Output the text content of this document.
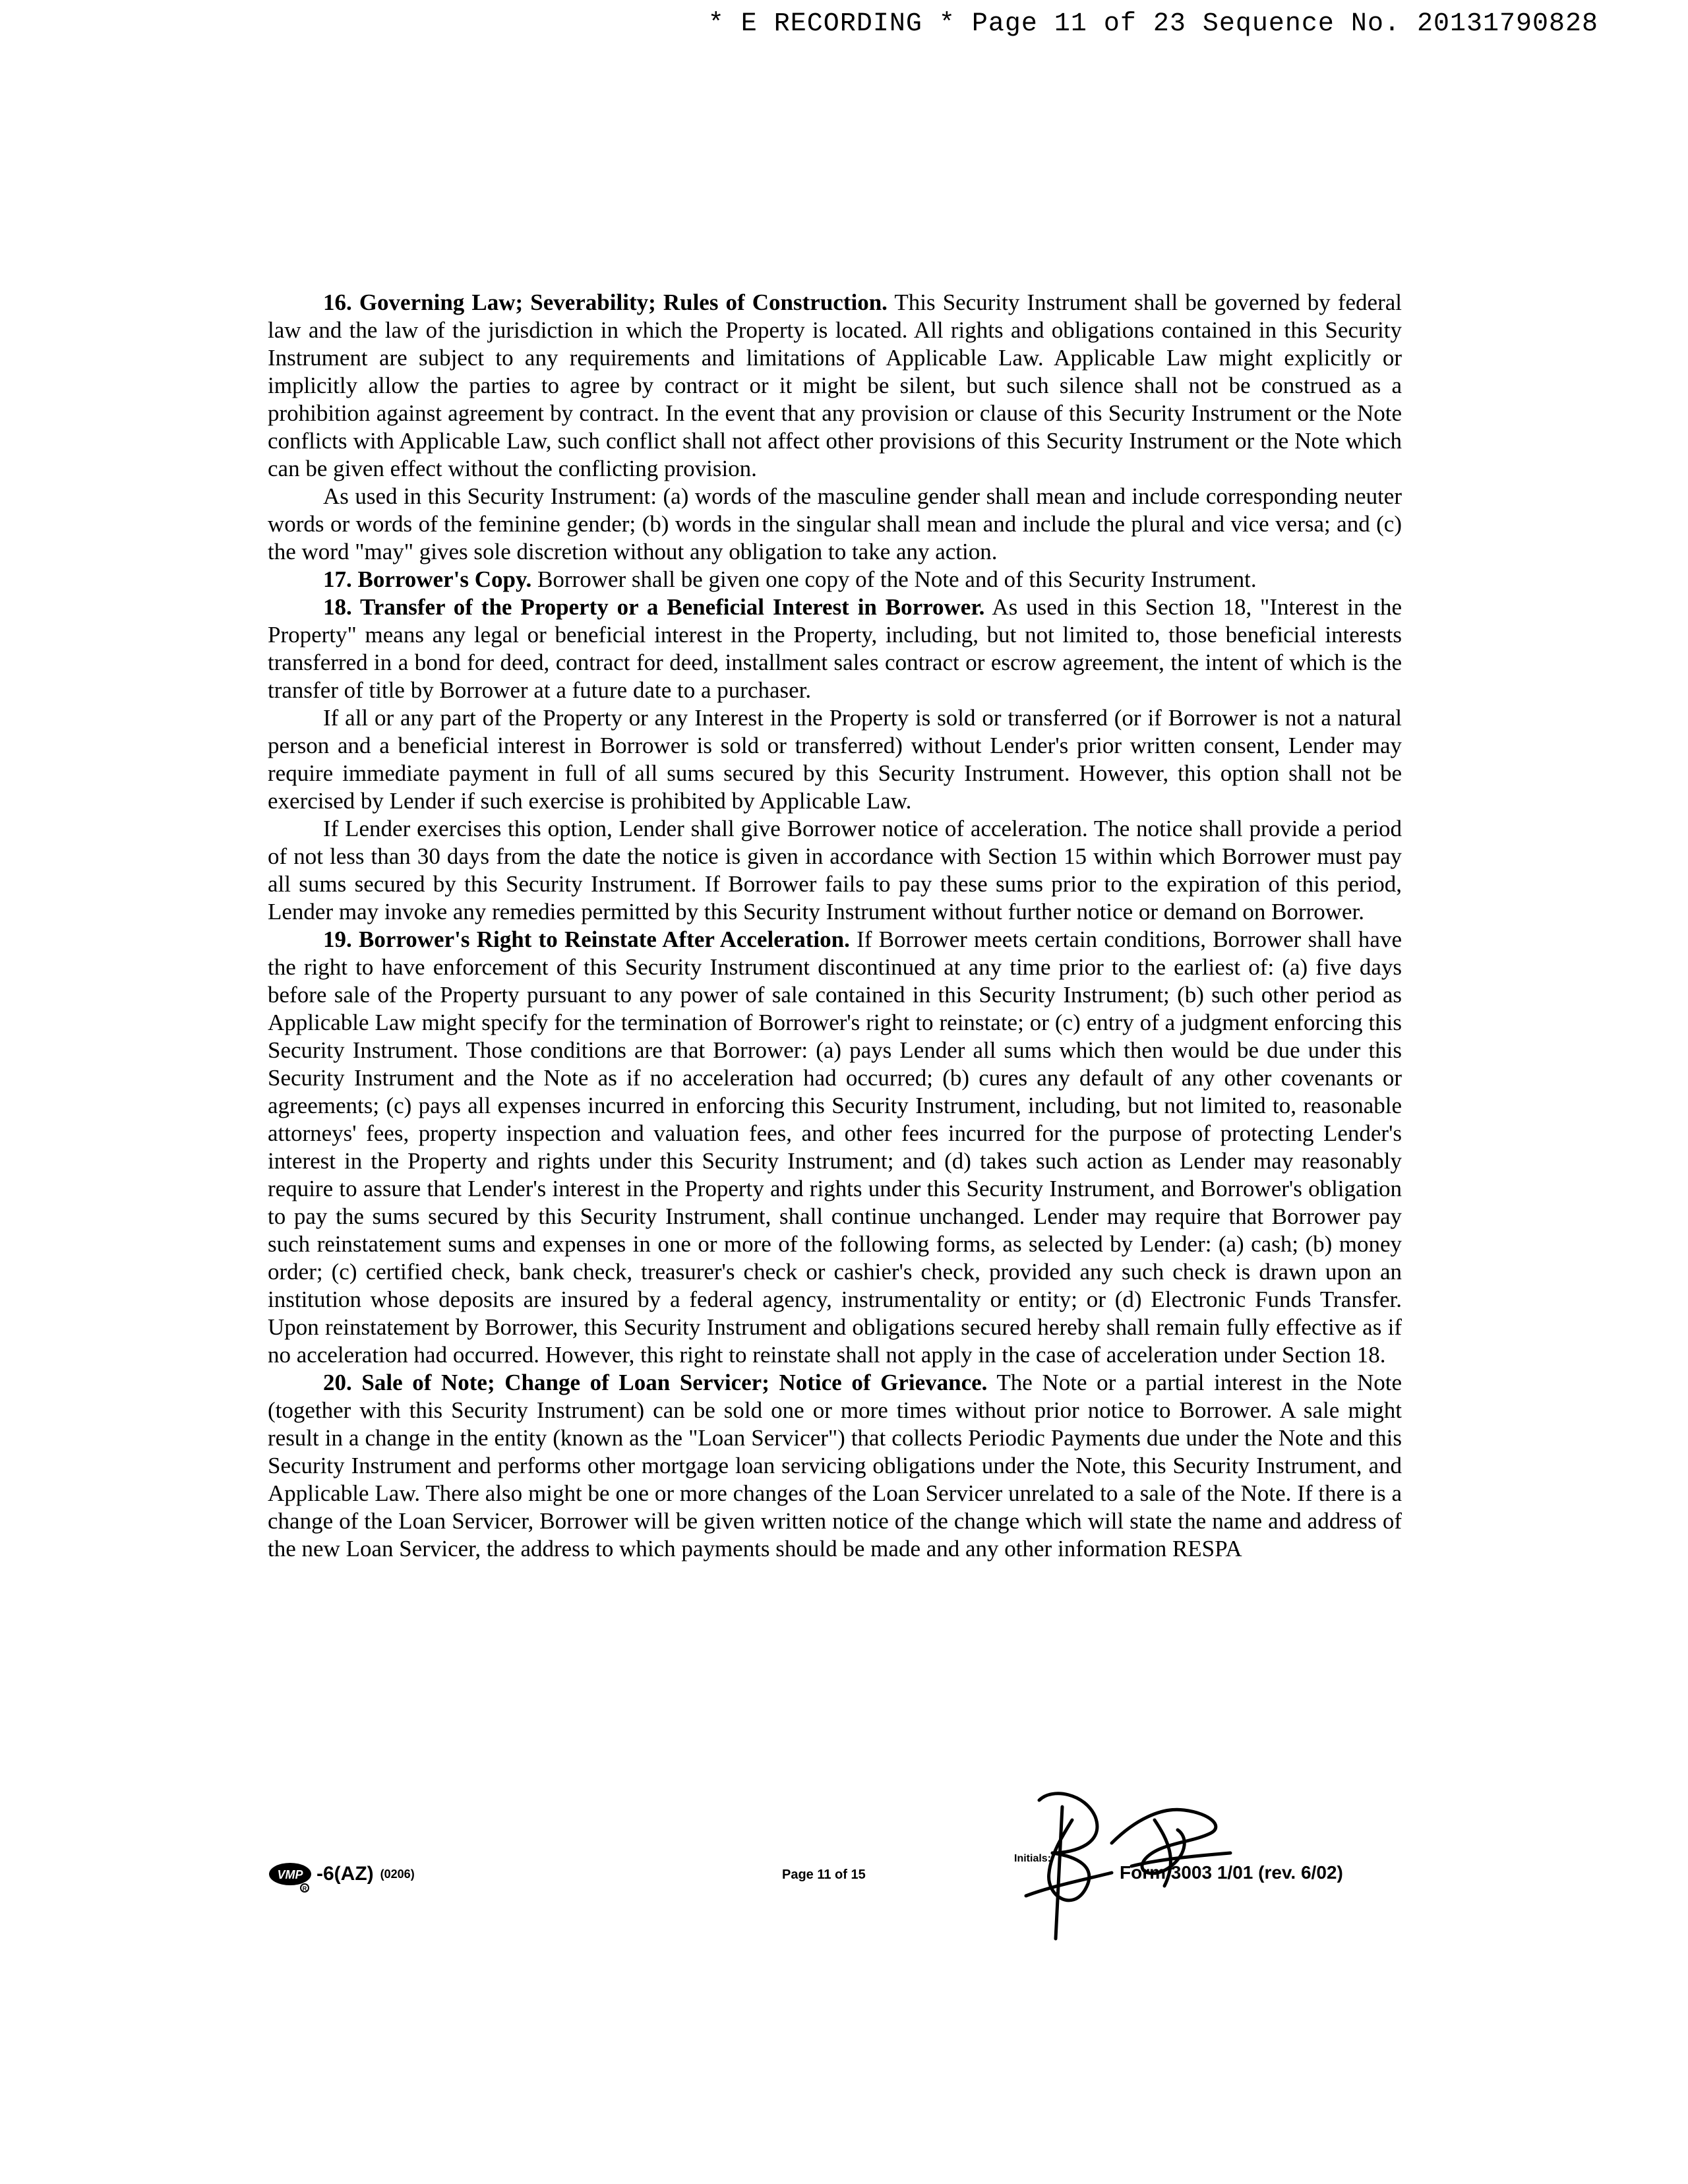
* E RECORDING * Page 11 of 23 Sequence No. 20131790828

16. Governing Law; Severability; Rules of Construction. This Security Instrument shall be governed by federal law and the law of the jurisdiction in which the Property is located. All rights and obligations contained in this Security Instrument are subject to any requirements and limitations of Applicable Law. Applicable Law might explicitly or implicitly allow the parties to agree by contract or it might be silent, but such silence shall not be construed as a prohibition against agreement by contract. In the event that any provision or clause of this Security Instrument or the Note conflicts with Applicable Law, such conflict shall not affect other provisions of this Security Instrument or the Note which can be given effect without the conflicting provision.

As used in this Security Instrument: (a) words of the masculine gender shall mean and include corresponding neuter words or words of the feminine gender; (b) words in the singular shall mean and include the plural and vice versa; and (c) the word "may" gives sole discretion without any obligation to take any action.

17. Borrower's Copy. Borrower shall be given one copy of the Note and of this Security Instrument.

18. Transfer of the Property or a Beneficial Interest in Borrower. As used in this Section 18, "Interest in the Property" means any legal or beneficial interest in the Property, including, but not limited to, those beneficial interests transferred in a bond for deed, contract for deed, installment sales contract or escrow agreement, the intent of which is the transfer of title by Borrower at a future date to a purchaser.

If all or any part of the Property or any Interest in the Property is sold or transferred (or if Borrower is not a natural person and a beneficial interest in Borrower is sold or transferred) without Lender's prior written consent, Lender may require immediate payment in full of all sums secured by this Security Instrument. However, this option shall not be exercised by Lender if such exercise is prohibited by Applicable Law.

If Lender exercises this option, Lender shall give Borrower notice of acceleration. The notice shall provide a period of not less than 30 days from the date the notice is given in accordance with Section 15 within which Borrower must pay all sums secured by this Security Instrument. If Borrower fails to pay these sums prior to the expiration of this period, Lender may invoke any remedies permitted by this Security Instrument without further notice or demand on Borrower.

19. Borrower's Right to Reinstate After Acceleration. If Borrower meets certain conditions, Borrower shall have the right to have enforcement of this Security Instrument discontinued at any time prior to the earliest of: (a) five days before sale of the Property pursuant to any power of sale contained in this Security Instrument; (b) such other period as Applicable Law might specify for the termination of Borrower's right to reinstate; or (c) entry of a judgment enforcing this Security Instrument. Those conditions are that Borrower: (a) pays Lender all sums which then would be due under this Security Instrument and the Note as if no acceleration had occurred; (b) cures any default of any other covenants or agreements; (c) pays all expenses incurred in enforcing this Security Instrument, including, but not limited to, reasonable attorneys' fees, property inspection and valuation fees, and other fees incurred for the purpose of protecting Lender's interest in the Property and rights under this Security Instrument; and (d) takes such action as Lender may reasonably require to assure that Lender's interest in the Property and rights under this Security Instrument, and Borrower's obligation to pay the sums secured by this Security Instrument, shall continue unchanged. Lender may require that Borrower pay such reinstatement sums and expenses in one or more of the following forms, as selected by Lender: (a) cash; (b) money order; (c) certified check, bank check, treasurer's check or cashier's check, provided any such check is drawn upon an institution whose deposits are insured by a federal agency, instrumentality or entity; or (d) Electronic Funds Transfer. Upon reinstatement by Borrower, this Security Instrument and obligations secured hereby shall remain fully effective as if no acceleration had occurred. However, this right to reinstate shall not apply in the case of acceleration under Section 18.

20. Sale of Note; Change of Loan Servicer; Notice of Grievance. The Note or a partial interest in the Note (together with this Security Instrument) can be sold one or more times without prior notice to Borrower. A sale might result in a change in the entity (known as the "Loan Servicer") that collects Periodic Payments due under the Note and this Security Instrument and performs other mortgage loan servicing obligations under the Note, this Security Instrument, and Applicable Law. There also might be one or more changes of the Loan Servicer unrelated to a sale of the Note. If there is a change of the Loan Servicer, Borrower will be given written notice of the change which will state the name and address of the new Loan Servicer, the address to which payments should be made and any other information RESPA

VMP
R
-6(AZ) (0206)	Page 11 of 15
Initials:
Form 3003 1/01 (rev. 6/02)
